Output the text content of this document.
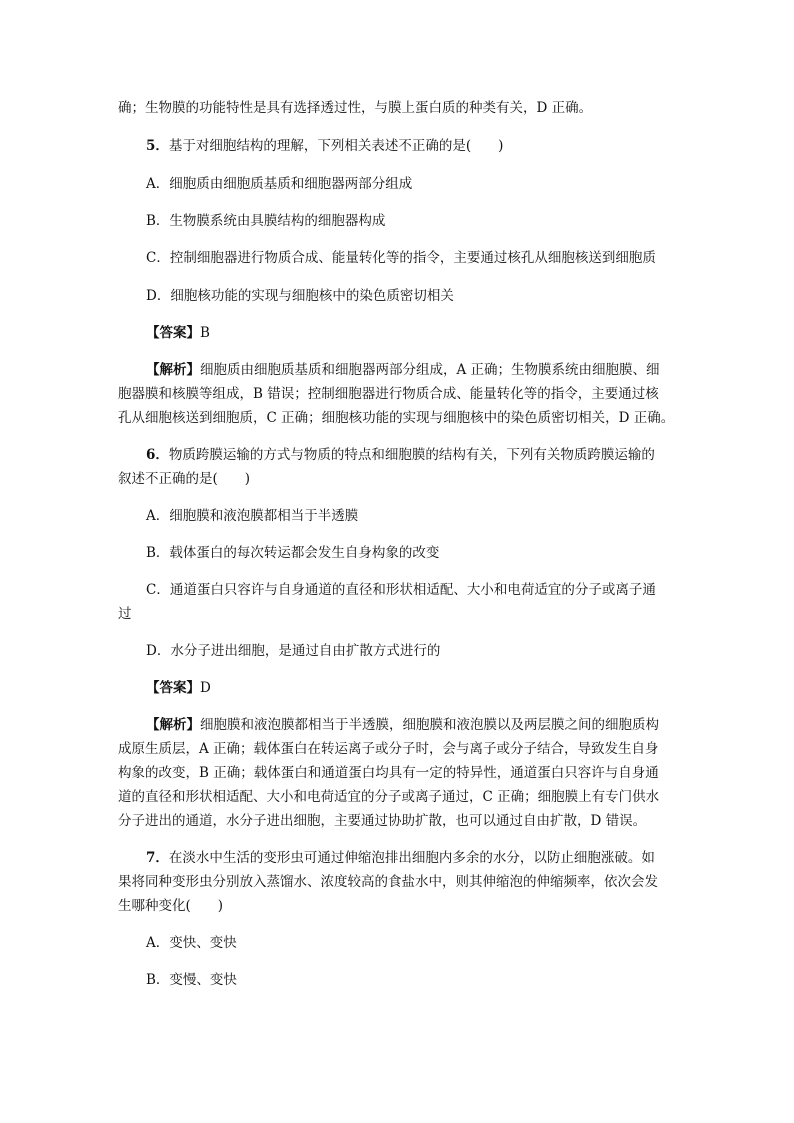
确；生物膜的功能特性是具有选择透过性，与膜上蛋白质的种类有关，D 正确。
5．基于对细胞结构的理解，下列相关表述不正确的是(　　)
A．细胞质由细胞质基质和细胞器两部分组成
B．生物膜系统由具膜结构的细胞器构成
C．控制细胞器进行物质合成、能量转化等的指令，主要通过核孔从细胞核送到细胞质
D．细胞核功能的实现与细胞核中的染色质密切相关
【答案】B
【解析】细胞质由细胞质基质和细胞器两部分组成，A 正确；生物膜系统由细胞膜、细
胞器膜和核膜等组成，B 错误；控制细胞器进行物质合成、能量转化等的指令，主要通过核
孔从细胞核送到细胞质，C 正确；细胞核功能的实现与细胞核中的染色质密切相关，D 正确。
6．物质跨膜运输的方式与物质的特点和细胞膜的结构有关，下列有关物质跨膜运输的
叙述不正确的是(　　)
A．细胞膜和液泡膜都相当于半透膜
B．载体蛋白的每次转运都会发生自身构象的改变
C．通道蛋白只容许与自身通道的直径和形状相适配、大小和电荷适宜的分子或离子通
过
D．水分子进出细胞，是通过自由扩散方式进行的
【答案】D
【解析】细胞膜和液泡膜都相当于半透膜，细胞膜和液泡膜以及两层膜之间的细胞质构
成原生质层，A 正确；载体蛋白在转运离子或分子时，会与离子或分子结合，导致发生自身
构象的改变，B 正确；载体蛋白和通道蛋白均具有一定的特异性，通道蛋白只容许与自身通
道的直径和形状相适配、大小和电荷适宜的分子或离子通过，C 正确；细胞膜上有专门供水
分子进出的通道，水分子进出细胞，主要通过协助扩散，也可以通过自由扩散，D 错误。
7．在淡水中生活的变形虫可通过伸缩泡排出细胞内多余的水分，以防止细胞涨破。如
果将同种变形虫分别放入蒸馏水、浓度较高的食盐水中，则其伸缩泡的伸缩频率，依次会发
生哪种变化(　　)
A．变快、变快
B．变慢、变快
